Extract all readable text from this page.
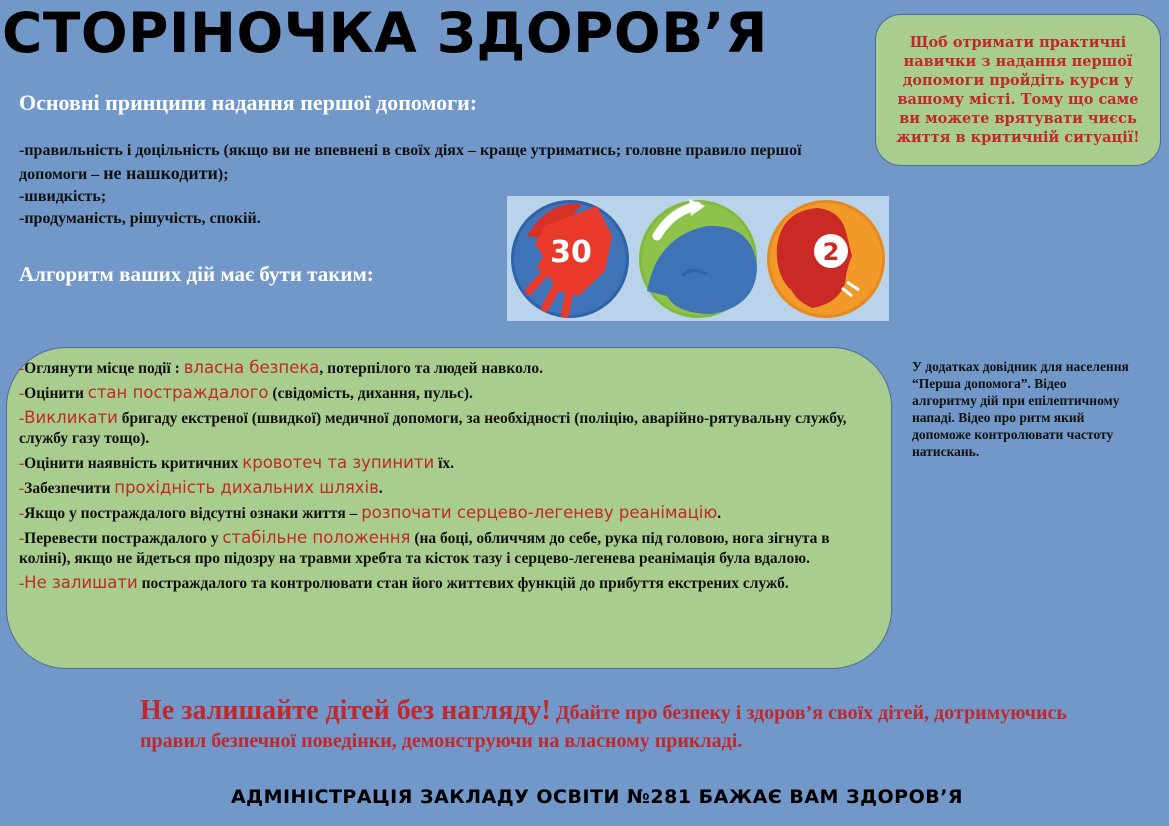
СТОРІНОЧКА ЗДОРОВ’Я	Щоб отримати практичні навички з надання першої допомоги пройдіть курси у вашому місті. Тому що саме ви можете врятувати чиєсь життя в критичній ситуації!
Основні принципи надання першої допомоги:
-правильність і доцільність (якщо ви не впевнені в своїх діях – краще утриматись; головне правило першої допомоги – не нашкодити);
-швидкість;
-продуманість, рішучість, спокій.
Алгоритм ваших дій має бути таким:
30	2
-Оглянути місце події : власна безпека, потерпілого та людей навколо.
-Оцінити стан постраждалого (свідомість, дихання, пульс).
-Викликати бригаду екстреної (швидкої) медичної допомоги, за необхідності (поліцію, аварійно-рятувальну службу, службу газу тощо).
-Оцінити наявність критичних кровотеч та зупинити їх.
-Забезпечити прохідність дихальних шляхів.
-Якщо у постраждалого відсутні ознаки життя – розпочати серцево-легеневу реанімацію.
-Перевести постраждалого у стабільне положення (на боці, обличчям до себе, рука під головою, нога зігнута в коліні), якщо не йдеться про підозру на травми хребта та кісток тазу і серцево-легенева реанімація була вдалою.
-Не залишати постраждалого та контролювати стан його життєвих функцій до прибуття екстрених служб.
У додатках довідник для населення “Перша допомога”. Відео алгоритму дій при епілептичному нападі. Відео про ритм який допоможе контролювати частоту натискань.
Не залишайте дітей без нагляду! Дбайте про безпеку і здоров’я своїх дітей, дотримуючись правил безпечної поведінки, демонструючи на власному прикладі.

АДМІНІСТРАЦІЯ ЗАКЛАДУ ОСВІТИ №281 БАЖАЄ ВАМ ЗДОРОВ’Я
